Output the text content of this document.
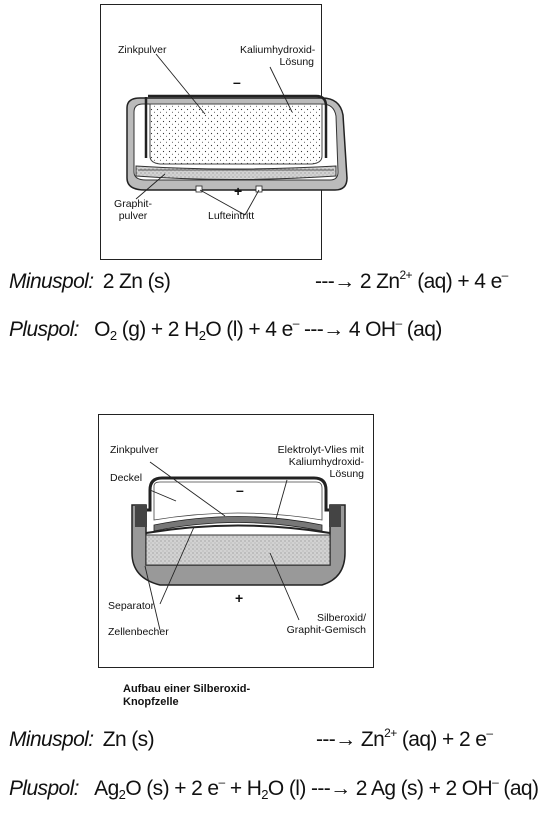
Zinkpulver	Kaliumhydroxid-
Lösung
–
+
Graphit-
pulver	Lufteintritt
Minuspol: 2 Zn (s)	---→ 2 $Zn^{2+}$ (aq) + 4 e–
Pluspol: $O_2$ (g) + 2 $H_2O$ (l) + 4 e– ---→ 4 OH– (aq)
Zinkpulver	Elektrolyt-Vlies mit
Kaliumhydroxid-
Lösung
Deckel
–
+
Separator
Zellenbecher
Silberoxid/
Graphit-Gemisch
Aufbau einer Silberoxid-
Knopfzelle
Minuspol: Zn (s)	---→ $Zn^{2+}$ (aq) + 2 e–
Pluspol: $Ag_2O$ (s) + 2 $e^- + H_2O$ (l) ---→ 2 Ag (s) + 2 OH– (aq)
